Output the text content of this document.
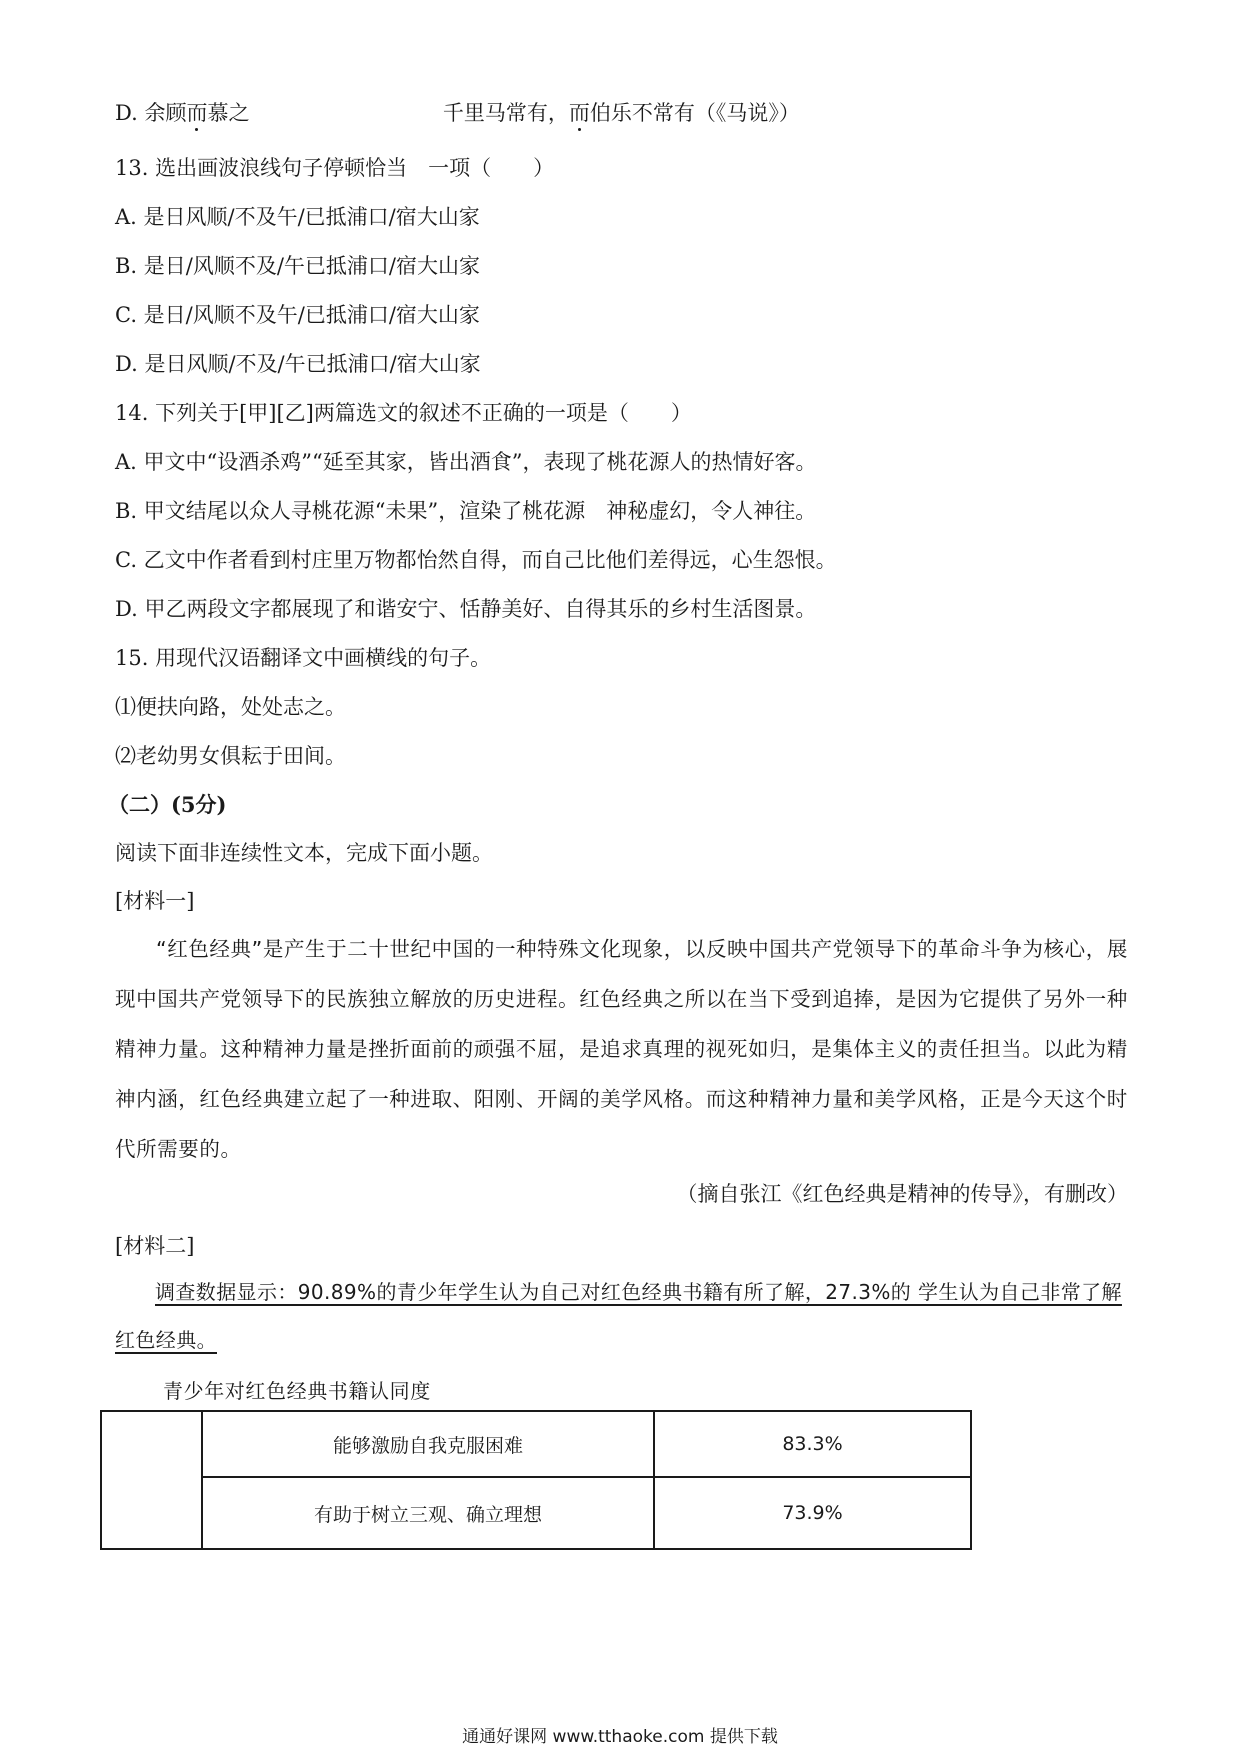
D. 余顾而慕之	千里马常有，而伯乐不常有（《马说》）
13. 选出画波浪线句子停顿恰当　一项（　　）
A. 是日风顺/不及午/已抵浦口/宿大山家
B. 是日/风顺不及/午已抵浦口/宿大山家
C. 是日/风顺不及午/已抵浦口/宿大山家
D. 是日风顺/不及/午已抵浦口/宿大山家
14. 下列关于[甲][乙]两篇选文的叙述不正确的一项是（　　）
A. 甲文中“设酒杀鸡”“延至其家，皆出酒食”，表现了桃花源人的热情好客。
B. 甲文结尾以众人寻桃花源“未果”，渲染了桃花源　神秘虚幻，令人神往。
C. 乙文中作者看到村庄里万物都怡然自得，而自己比他们差得远，心生怨恨。
D. 甲乙两段文字都展现了和谐安宁、恬静美好、自得其乐的乡村生活图景。
15. 用现代汉语翻译文中画横线的句子。
⑴便扶向路，处处志之。
⑵老幼男女俱耘于田间。
（二）(5分)
阅读下面非连续性文本，完成下面小题。
[材料一]
“红色经典”是产生于二十世纪中国的一种特殊文化现象，以反映中国共产党领导下的革命斗争为核心，展现中国共产党领导下的民族独立解放的历史进程。红色经典之所以在当下受到追捧，是因为它提供了另外一种精神力量。这种精神力量是挫折面前的顽强不屈，是追求真理的视死如归，是集体主义的责任担当。以此为精神内涵，红色经典建立起了一种进取、阳刚、开阔的美学风格。而这种精神力量和美学风格，正是今天这个时代所需要的。
（摘自张江《红色经典是精神的传导》，有删改）
[材料二]
调查数据显示：90.89%的青少年学生认为自己对红色经典书籍有所了解，27.3%的 学生认为自己非常了解红色经典。
青少年对红色经典书籍认同度
	能够激励自我克服困难	83.3%
	有助于树立三观、确立理想	73.9%
通通好课网 www.tthaoke.com 提供下载
